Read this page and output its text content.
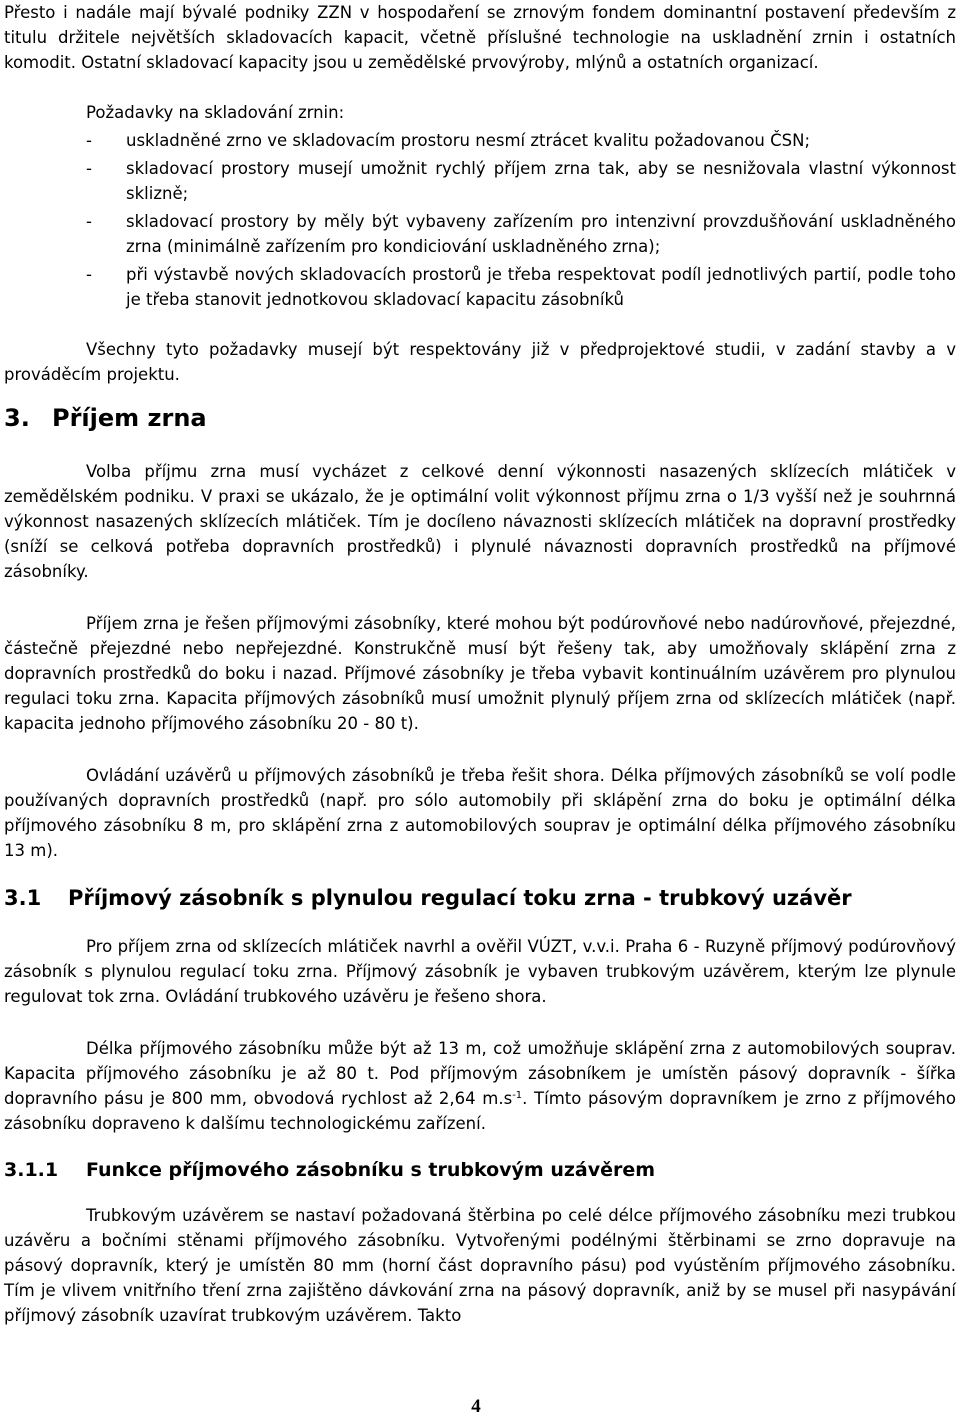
Přesto i nadále mají bývalé podniky ZZN v hospodaření se zrnovým fondem dominantní postavení především z titulu držitele největších skladovacích kapacit, včetně příslušné technologie na uskladnění zrnin i ostatních komodit. Ostatní skladovací kapacity jsou u zemědělské prvovýroby, mlýnů a ostatních organizací.

Požadavky na skladování zrnin:

- uskladněné zrno ve skladovacím prostoru nesmí ztrácet kvalitu požadovanou ČSN;
- skladovací prostory musejí umožnit rychlý příjem zrna tak, aby se nesnižovala vlastní výkonnost sklizně;
- skladovací prostory by měly být vybaveny zařízením pro intenzivní provzdušňování uskladněného zrna (minimálně zařízením pro kondiciování uskladněného zrna);
- při výstavbě nových skladovacích prostorů je třeba respektovat podíl jednotlivých partií, podle toho je třeba stanovit jednotkovou skladovací kapacitu zásobníků

Všechny tyto požadavky musejí být respektovány již v předprojektové studii, v zadání stavby a v prováděcím projektu.

3. Příjem zrna

Volba příjmu zrna musí vycházet z celkové denní výkonnosti nasazených sklízecích mlátiček v zemědělském podniku. V praxi se ukázalo, že je optimální volit výkonnost příjmu zrna o 1/3 vyšší než je souhrnná výkonnost nasazených sklízecích mlátiček. Tím je docíleno návaznosti sklízecích mlátiček na dopravní prostředky (sníží se celková potřeba dopravních prostředků) i plynulé návaznosti dopravních prostředků na příjmové zásobníky.

Příjem zrna je řešen příjmovými zásobníky, které mohou být podúrovňové nebo nadúrovňové, přejezdné, částečně přejezdné nebo nepřejezdné. Konstrukčně musí být řešeny tak, aby umožňovaly sklápění zrna z dopravních prostředků do boku i nazad. Příjmové zásobníky je třeba vybavit kontinuálním uzávěrem pro plynulou regulaci toku zrna. Kapacita příjmových zásobníků musí umožnit plynulý příjem zrna od sklízecích mlátiček (např. kapacita jednoho příjmového zásobníku 20 - 80 t).

Ovládání uzávěrů u příjmových zásobníků je třeba řešit shora. Délka příjmových zásobníků se volí podle používaných dopravních prostředků (např. pro sólo automobily při sklápění zrna do boku je optimální délka příjmového zásobníku 8 m, pro sklápění zrna z automobilových souprav je optimální délka příjmového zásobníku 13 m).

3.1	Příjmový zásobník s plynulou regulací toku zrna - trubkový uzávěr

Pro příjem zrna od sklízecích mlátiček navrhl a ověřil VÚZT, v.v.i. Praha 6 - Ruzyně příjmový podúrovňový zásobník s plynulou regulací toku zrna. Příjmový zásobník je vybaven trubkovým uzávěrem, kterým lze plynule regulovat tok zrna. Ovládání trubkového uzávěru je řešeno shora.

Délka příjmového zásobníku může být až 13 m, což umožňuje sklápění zrna z automobilových souprav. Kapacita příjmového zásobníku je až 80 t. Pod příjmovým zásobníkem je umístěn pásový dopravník - šířka dopravního pásu je 800 mm, obvodová rychlost až 2,64 $m.s^{-1}$. Tímto pásovým dopravníkem je zrno z příjmového zásobníku dopraveno k dalšímu technologickému zařízení.

3.1.1	Funkce příjmového zásobníku s trubkovým uzávěrem

Trubkovým uzávěrem se nastaví požadovaná štěrbina po celé délce příjmového zásobníku mezi trubkou uzávěru a bočními stěnami příjmového zásobníku. Vytvořenými podélnými štěrbinami se zrno dopravuje na pásový dopravník, který je umístěn 80 mm (horní část dopravního pásu) pod vyústěním příjmového zásobníku. Tím je vlivem vnitřního tření zrna zajištěno dávkování zrna na pásový dopravník, aniž by se musel při nasypávání příjmový zásobník uzavírat trubkovým uzávěrem. Takto

4
